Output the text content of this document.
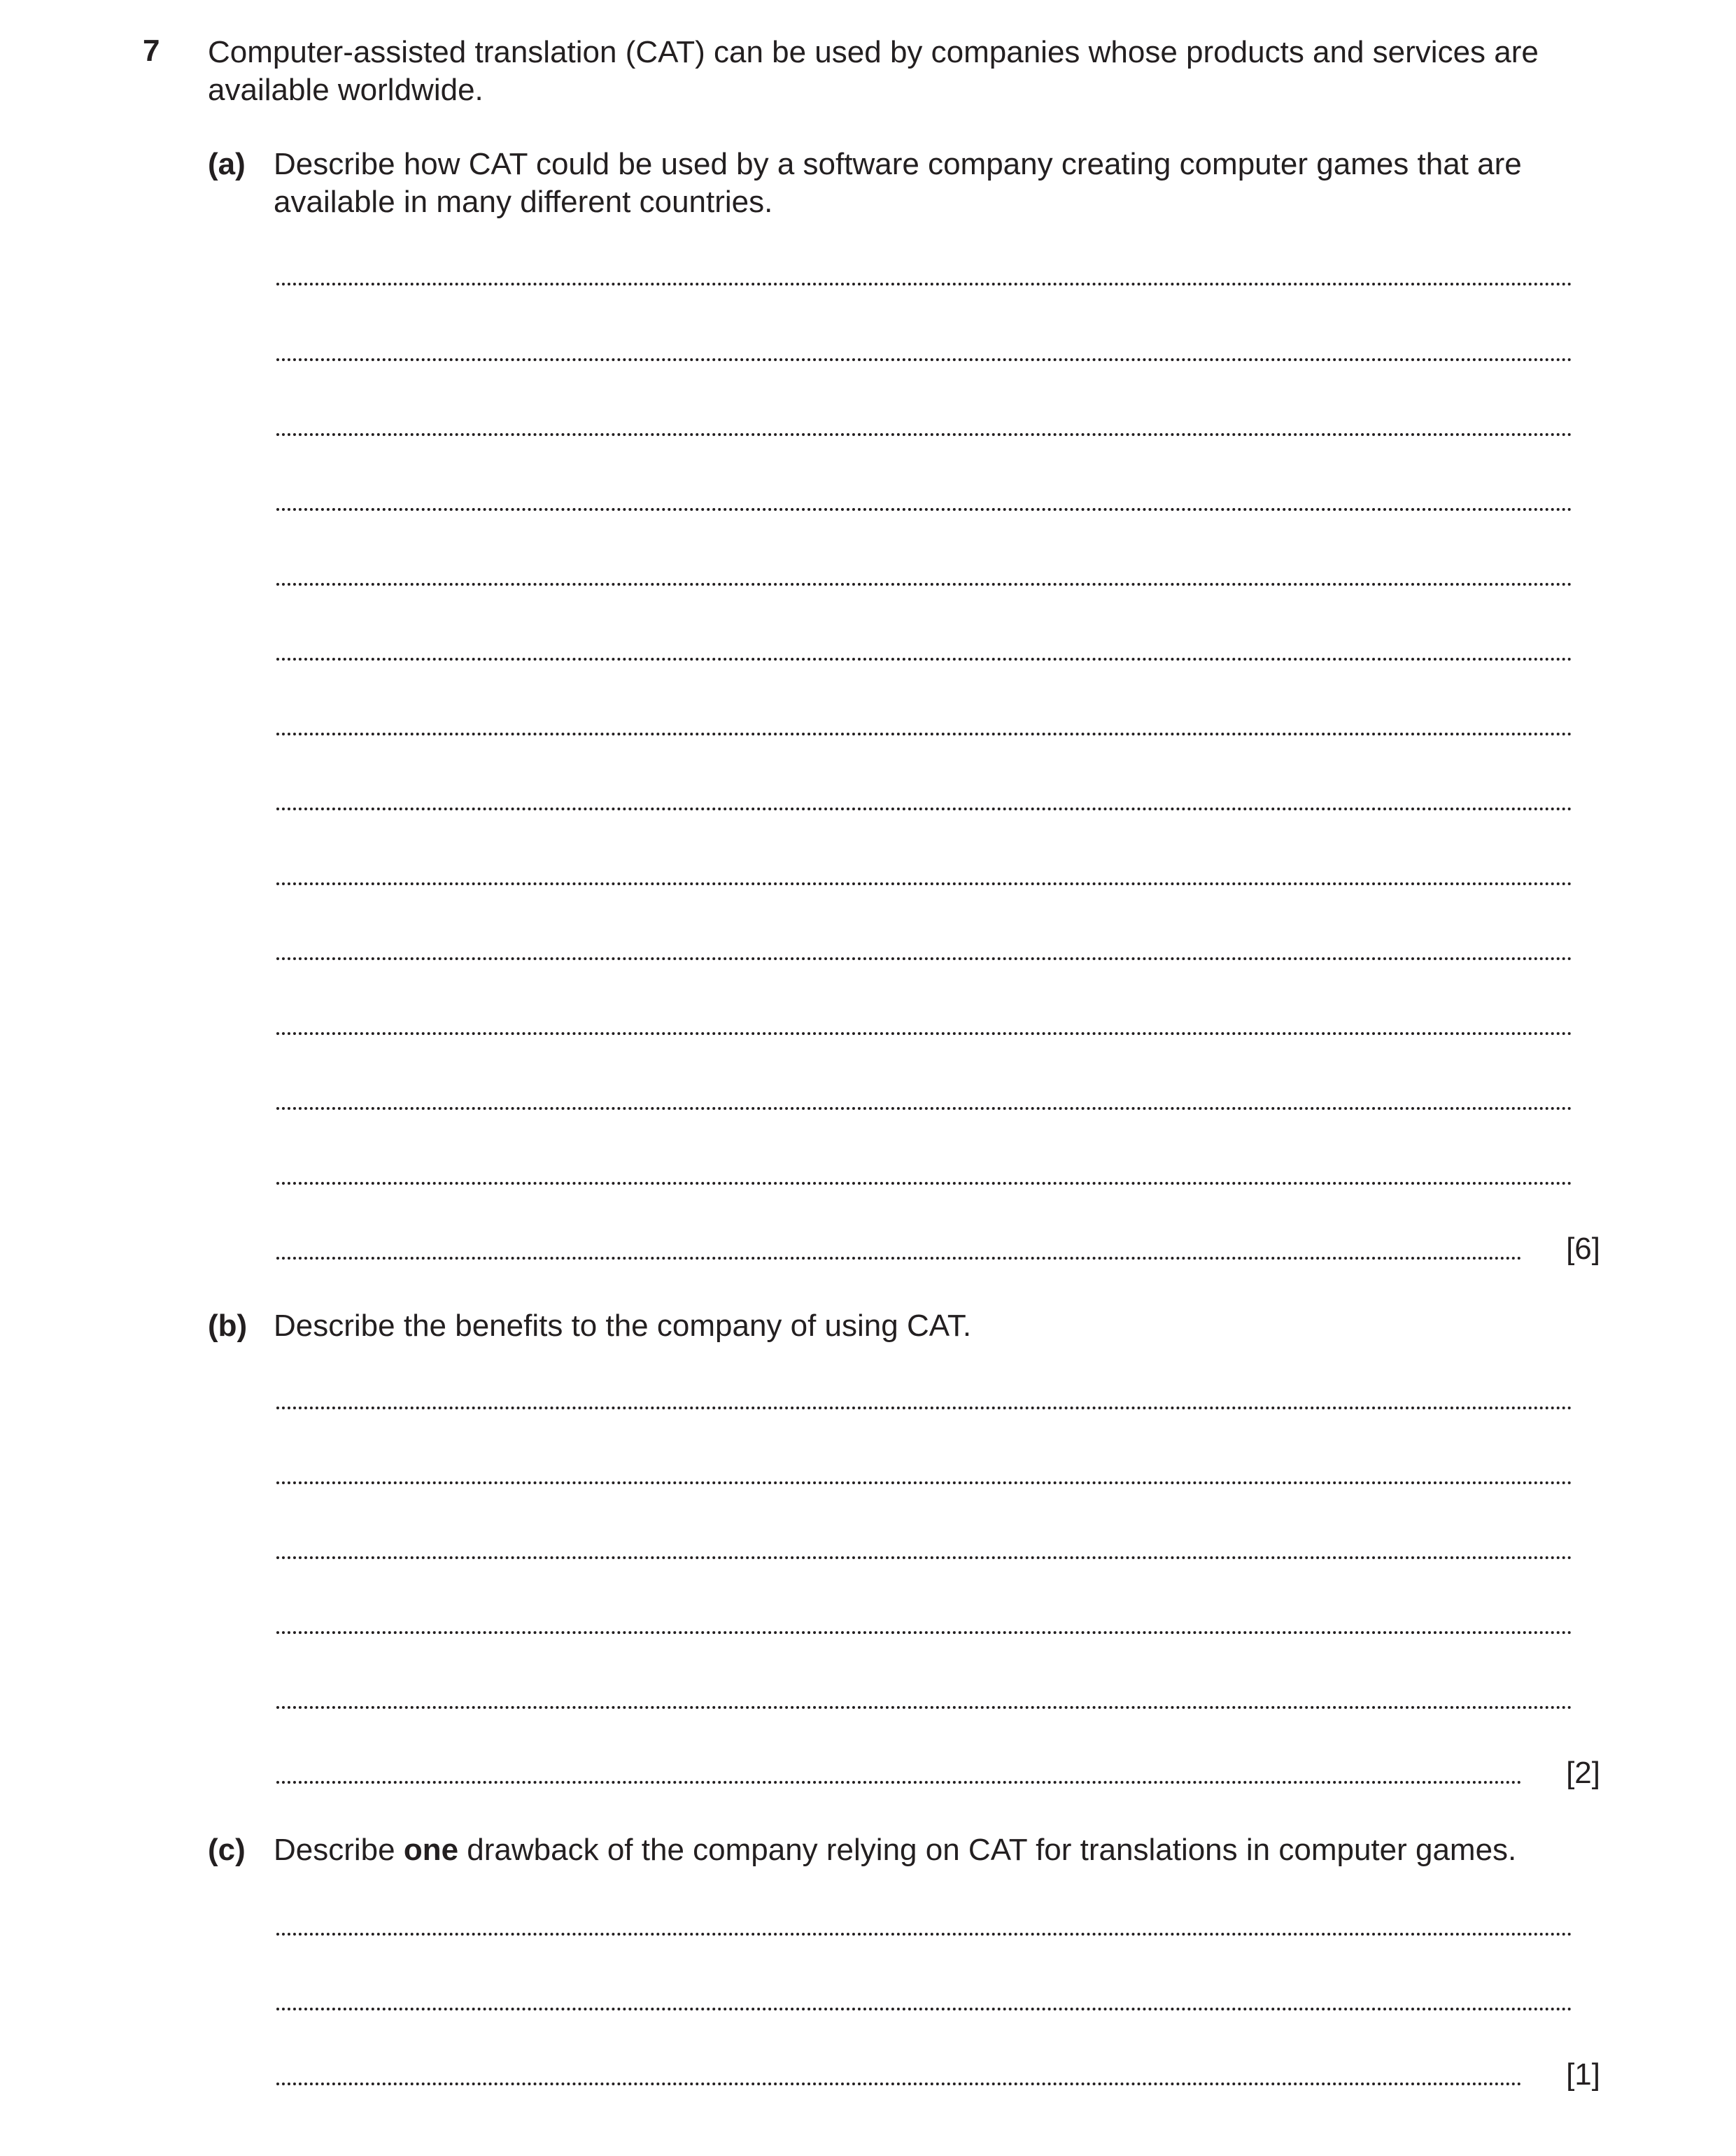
7 Computer-assisted translation (CAT) can be used by companies whose products and services are available worldwide.
(a) Describe how CAT could be used by a software company creating computer games that are available in many different countries.
[6]
(b) Describe the benefits to the company of using CAT.
[2]
(c) Describe one drawback of the company relying on CAT for translations in computer games.
[1]
